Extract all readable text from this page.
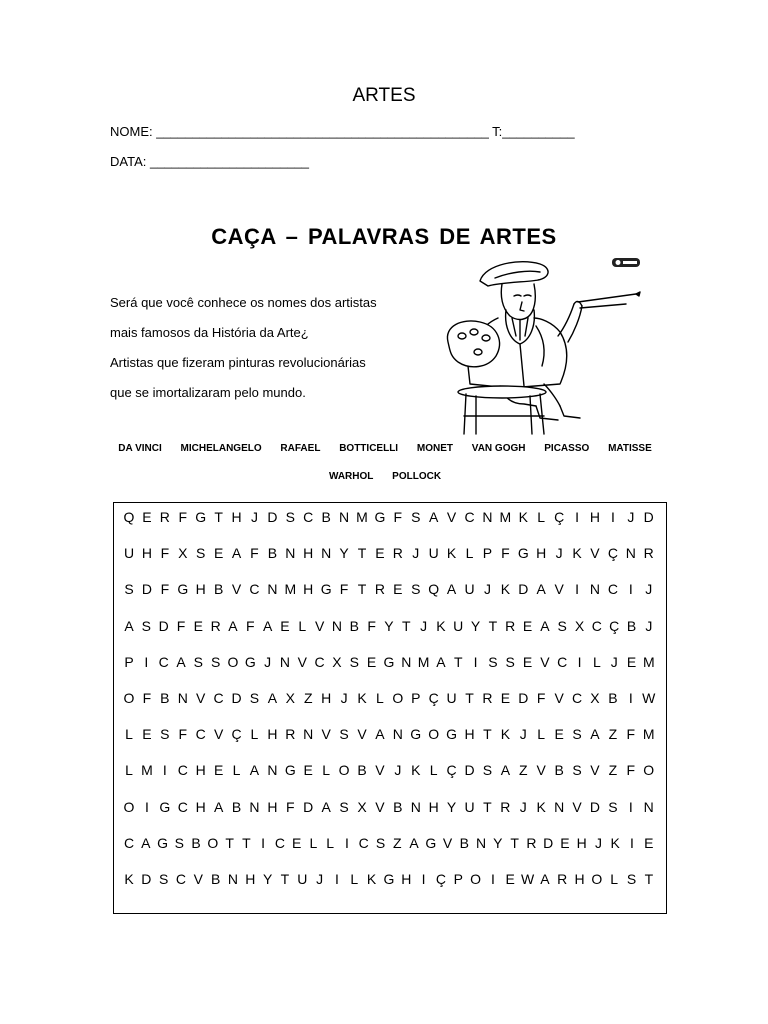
ARTES
NOME: ______________________________________________ T:__________
DATA: ______________________
CAÇA – PALAVRAS DE ARTES
Será que você conhece os nomes dos artistas
mais famosos da História da Arte¿
Artistas que fizeram pinturas revolucionárias
que se imortalizaram pelo mundo.
DA VINCI MICHELANGELO RAFAEL BOTTICELLI MONET VAN GOGH PICASSO MATISSE
WARHOL POLLOCK
Q E R F G T H J D S C B N M G F S A V C N M K L Ç I H I J D
U H F X S E A F B N H N Y T E R J U K L P F G H J K V Ç N R
S D F G H B V C N M H G F T R E S Q A U J K D A V I N C I J
A S D F E R A F A E L V N B F Y T J K U Y T R E A S X C Ç B J
P I C A S S O G J N V C X S E G N M A T I S S E V C I L J E M
O F B N V C D S A X Z H J K L O P Ç U T R E D F V C X B I W
L E S F C V Ç L H R N V S V A N G O G H T K J L E S A Z F M
L M I C H E L A N G E L O B V J K L Ç D S A Z V B S V Z F O
O I G C H A B N H F D A S X V B N H Y U T R J K N V D S I N
C A G S B O T T I C E L L I C S Z A G V B N Y T R D E H J K I E
K D S C V B N H Y T U J I L K G H I Ç P O I E W A R H O L S T
